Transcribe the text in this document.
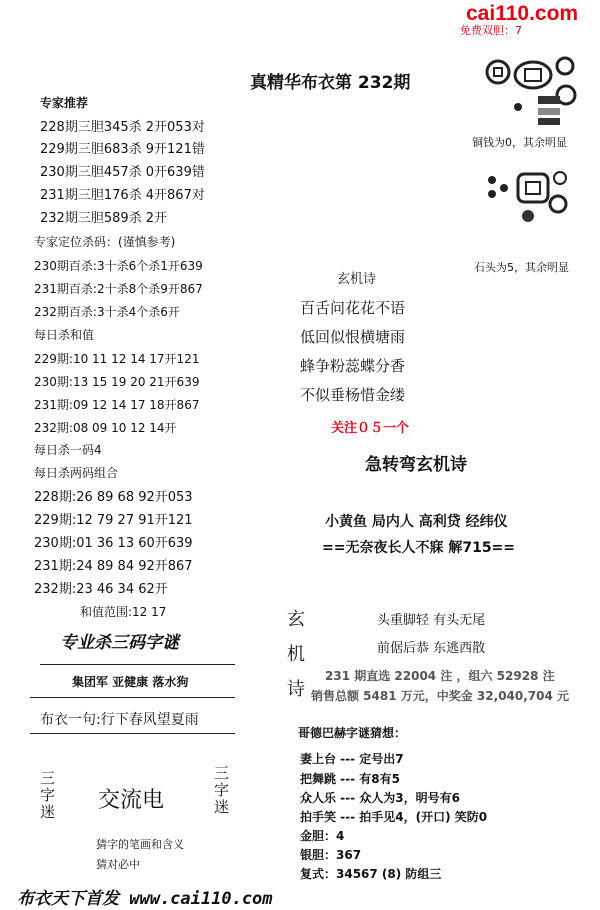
cai110.com
免费双胆：7
真精华布衣第 232期
专家推荐
228期三胆345杀 2开053对
229期三胆683杀 9开121错
230期三胆457杀 0开639错
231期三胆176杀 4开867对
232期三胆589杀 2开
专家定位杀码：(谨慎参考)
230期百杀:3十杀6个杀1开639
231期百杀:2十杀8个杀9开867
232期百杀:3十杀4个杀6开
每日杀和值
229期:10 11 12 14 17开121
230期:13 15 19 20 21开639
231期:09 12 14 17 18开867
232期:08 09 10 12 14开
每日杀一码4
每日杀两码组合
228期:26 89 68 92开053
229期:12 79 27 91开121
230期:01 36 13 60开639
231期:24 89 84 92开867
232期:23 46 34 62开
和值范围:12 17
专业杀三码字谜
集团军 亚健康 落水狗
布衣一句:行下春风望夏雨
三字迷 交流电
三字迷
猜字的笔画和含义
猜对必中
布衣天下首发 www.cai110.com
铜钱为0，其余明显
石头为5，其余明显
玄机诗
百舌问花花不语
低回似恨横塘雨
蜂争粉蕊蝶分香
不似垂杨惜金缕
关注０５一个
急转弯玄机诗
小黄鱼 局内人 高利贷 经纬仪
==无奈夜长人不寐 解715==
玄
机
诗
头重脚轻 有头无尾
前倨后恭 东逃西散
231 期直选 22004 注 ，组六 52928 注
销售总额 5481 万元，中奖金 32,040,704 元
哥德巴赫字谜猜想：
妻上台 --- 定号出7
把舞跳 --- 有8有5
众人乐 --- 众人为3，明号有6
拍手笑 --- 拍手见4，(开口) 笑防0
金胆：4
银胆：367
复式：34567 (8) 防组三
